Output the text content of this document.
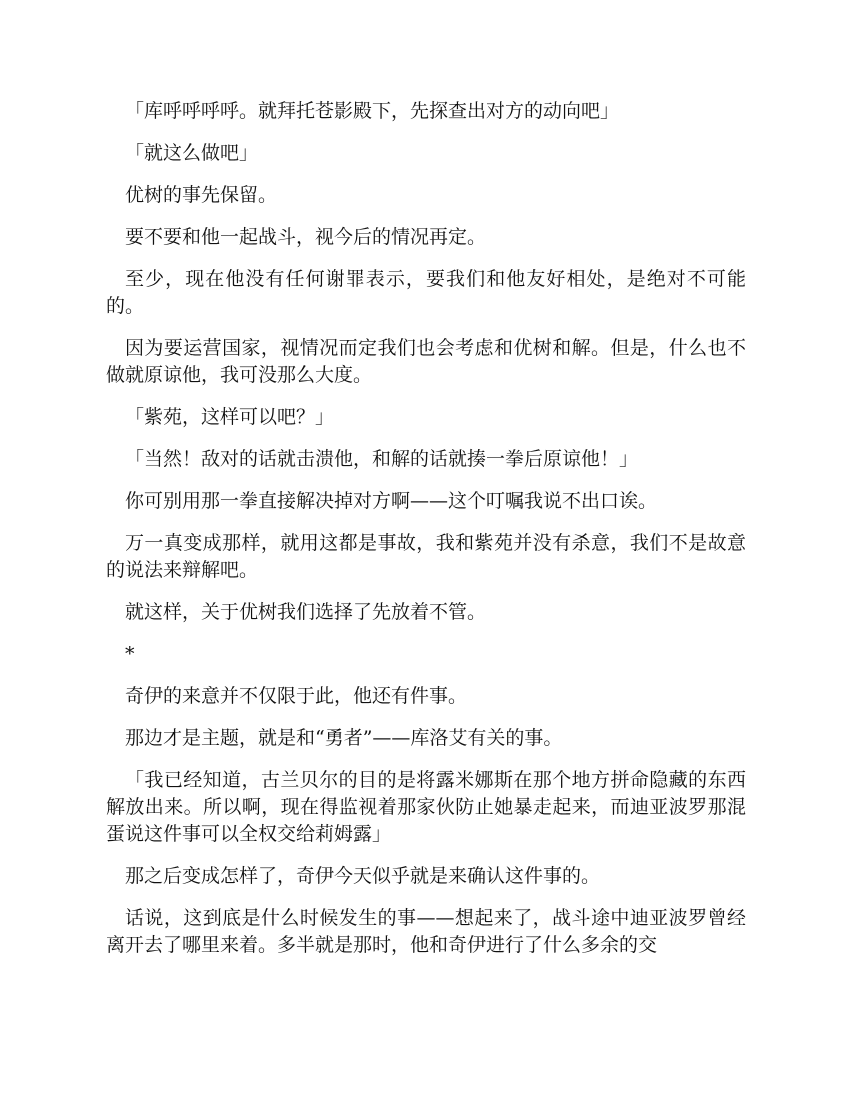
「库呼呼呼呼。就拜托苍影殿下，先探查出对方的动向吧」

「就这么做吧」

优树的事先保留。

要不要和他一起战斗，视今后的情况再定。

至少，现在他没有任何谢罪表示，要我们和他友好相处，是绝对不可能的。

因为要运营国家，视情况而定我们也会考虑和优树和解。但是，什么也不做就原谅他，我可没那么大度。

「紫苑，这样可以吧？」

「当然！敌对的话就击溃他，和解的话就揍一拳后原谅他！」

你可别用那一拳直接解决掉对方啊——这个叮嘱我说不出口诶。

万一真变成那样，就用这都是事故，我和紫苑并没有杀意，我们不是故意的说法来辩解吧。

就这样，关于优树我们选择了先放着不管。

*

奇伊的来意并不仅限于此，他还有件事。

那边才是主题，就是和“勇者”——库洛艾有关的事。

「我已经知道，古兰贝尔的目的是将露米娜斯在那个地方拼命隐藏的东西解放出来。所以啊，现在得监视着那家伙防止她暴走起来，而迪亚波罗那混蛋说这件事可以全权交给莉姆露」

那之后变成怎样了，奇伊今天似乎就是来确认这件事的。

话说，这到底是什么时候发生的事——想起来了，战斗途中迪亚波罗曾经离开去了哪里来着。多半就是那时，他和奇伊进行了什么多余的交
